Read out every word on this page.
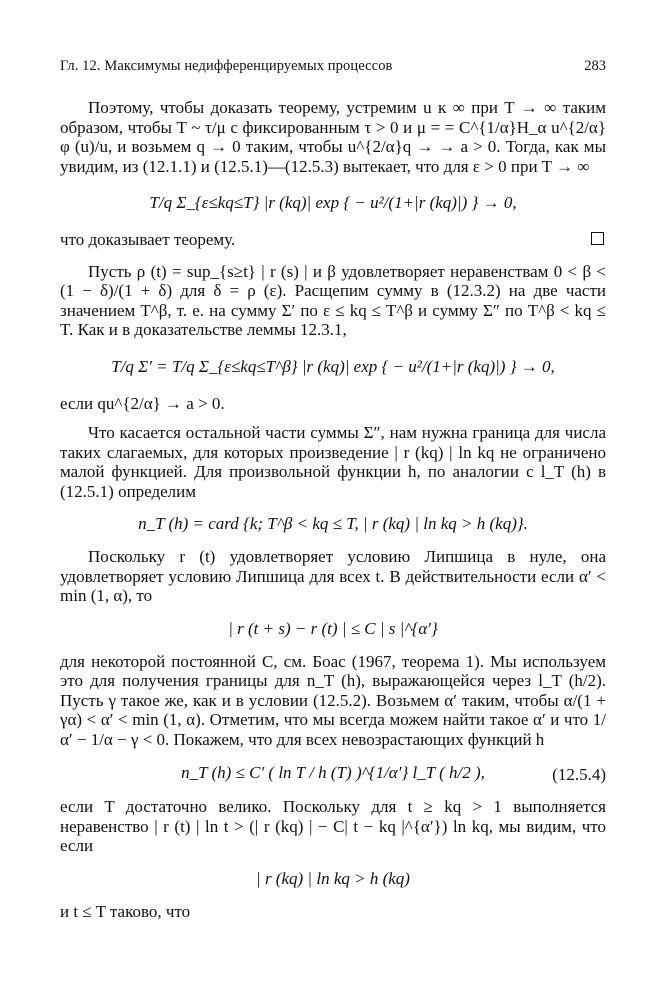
Гл. 12. Максимумы недифференцируемых процессов	283

Поэтому, чтобы доказать теорему, устремим u к ∞ при T → ∞ таким образом, чтобы T ~ τ/μ с фиксированным τ > 0 и μ = = C^{1/α}H_α u^{2/α} φ (u)/u, и возьмем q → 0 таким, чтобы u^{2/α}q → → a > 0. Тогда, как мы увидим, из (12.1.1) и (12.5.1)—(12.5.3) вытекает, что для ε > 0 при T → ∞

T/q Σ_{ε≤kq≤T} |r (kq)| exp { − u²/(1+|r (kq)|) } → 0,

что доказывает теорему.

Пусть ρ (t) = sup_{s≥t} | r (s) | и β удовлетворяет неравенствам 0 < β < (1 − δ)/(1 + δ) для δ = ρ (ε). Расщепим сумму в (12.3.2) на две части значением T^β, т. е. на сумму Σ′ по ε ≤ kq ≤ T^β и сумму Σ″ по T^β < kq ≤ T. Как и в доказательстве леммы 12.3.1,

T/q Σ′ = T/q Σ_{ε≤kq≤T^β} |r (kq)| exp { − u²/(1+|r (kq)|) } → 0,

если qu^{2/α} → a > 0.

Что касается остальной части суммы Σ″, нам нужна граница для числа таких слагаемых, для которых произведение | r (kq) | ln kq не ограничено малой функцией. Для произвольной функции h, по аналогии с l_T (h) в (12.5.1) определим

n_T (h) = card {k; T^β < kq ≤ T, | r (kq) | ln kq > h (kq)}.

Поскольку r (t) удовлетворяет условию Липшица в нуле, она удовлетворяет условию Липшица для всех t. В действительности если α′ < min (1, α), то

| r (t + s) − r (t) | ≤ C | s |^{α′}

для некоторой постоянной C, см. Боас (1967, теорема 1). Мы используем это для получения границы для n_T (h), выражающейся через l_T (h/2). Пусть γ такое же, как и в условии (12.5.2). Возьмем α′ таким, чтобы α/(1 + γα) < α′ < min (1, α). Отметим, что мы всегда можем найти такое α′ и что 1/α′ − 1/α − γ < 0. Покажем, что для всех невозрастающих функций h

n_T (h) ≤ C′ ( ln T / h (T) )^{1/α′} l_T ( h/2 ),	(12.5.4)

если T достаточно велико. Поскольку для t ≥ kq > 1 выполняется неравенство | r (t) | ln t > (| r (kq) | − C| t − kq |^{α′}) ln kq, мы видим, что если

| r (kq) | ln kq > h (kq)

и t ≤ T таково, что
